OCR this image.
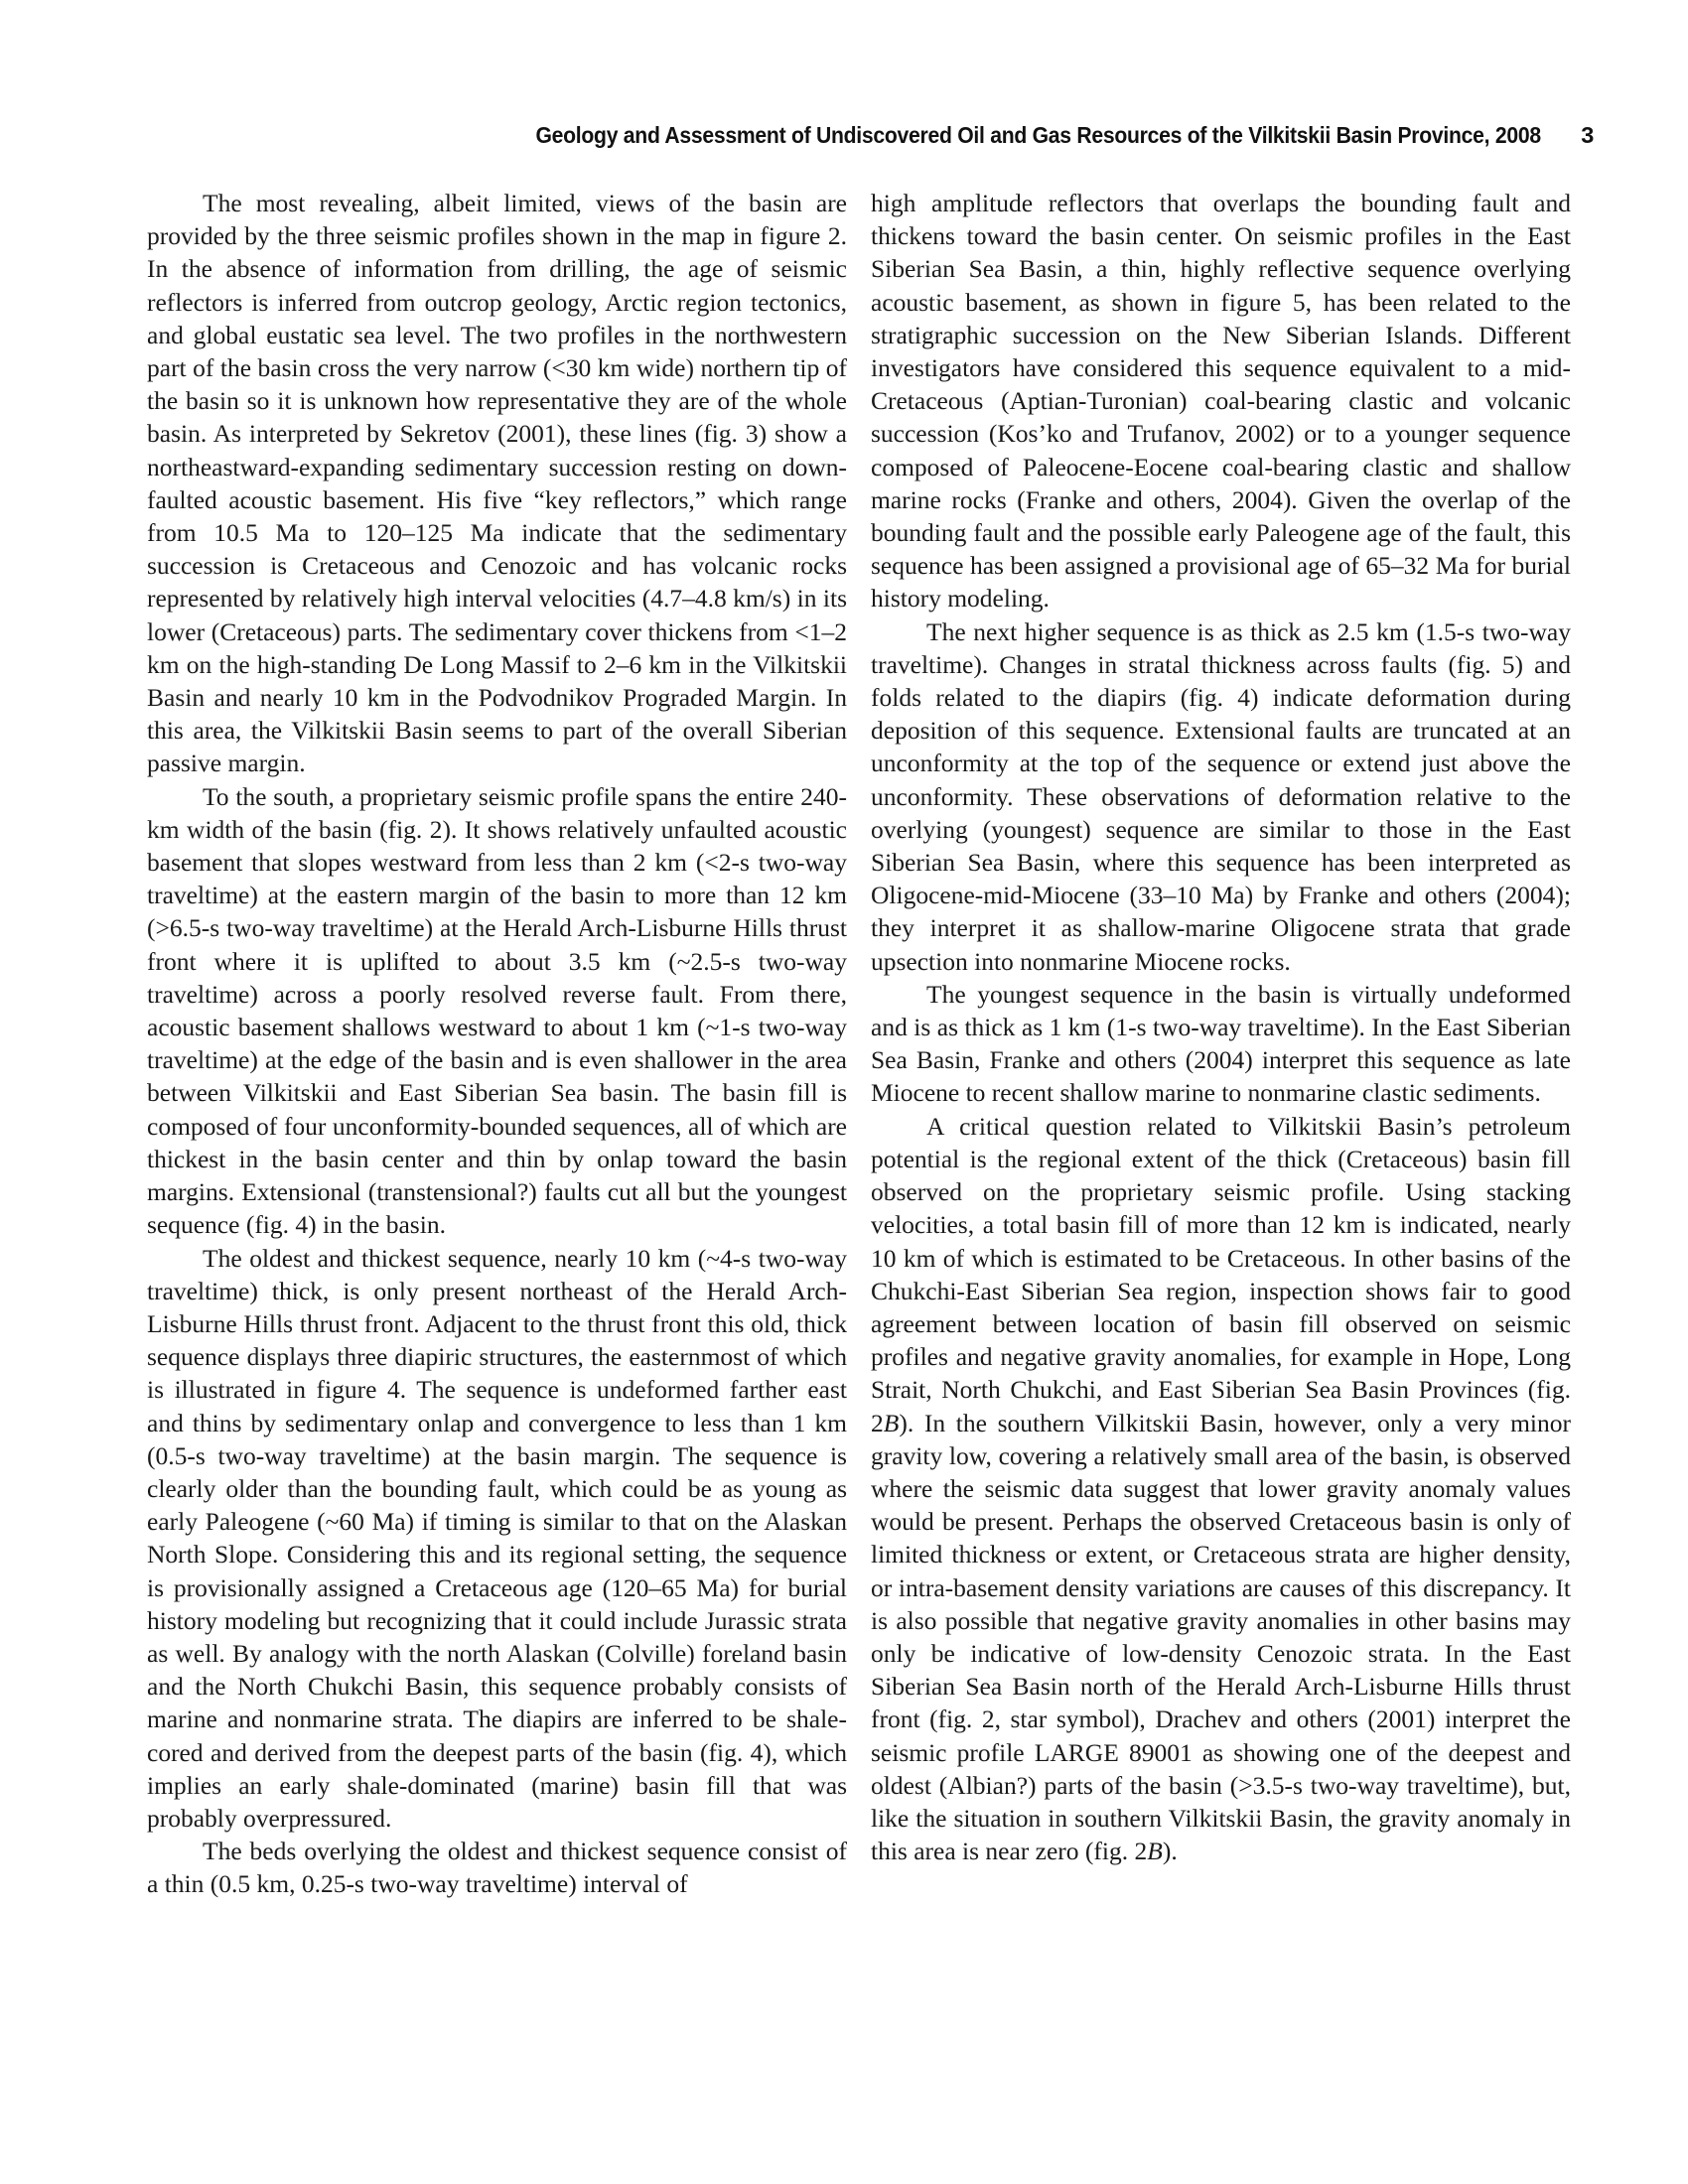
Geology and Assessment of Undiscovered Oil and Gas Resources of the Vilkitskii Basin Province, 2008 3

The most revealing, albeit limited, views of the basin are provided by the three seismic profiles shown in the map in figure 2. In the absence of information from drilling, the age of seismic reflectors is inferred from outcrop geology, Arctic region tectonics, and global eustatic sea level. The two profiles in the northwestern part of the basin cross the very narrow (<30 km wide) northern tip of the basin so it is unknown how representative they are of the whole basin. As interpreted by Sekretov (2001), these lines (fig. 3) show a northeastward-expanding sedimentary succession resting on down-faulted acoustic basement. His five “key reflectors,” which range from 10.5 Ma to 120–125 Ma indicate that the sedimentary succession is Cretaceous and Cenozoic and has volcanic rocks represented by relatively high interval velocities (4.7–4.8 km/s) in its lower (Cretaceous) parts. The sedimentary cover thickens from <1–2 km on the high-standing De Long Massif to 2–6 km in the Vilkitskii Basin and nearly 10 km in the Podvodnikov Prograded Margin. In this area, the Vilkitskii Basin seems to part of the overall Siberian passive margin.

To the south, a proprietary seismic profile spans the entire 240-km width of the basin (fig. 2). It shows relatively unfaulted acoustic basement that slopes westward from less than 2 km (<2-s two-way traveltime) at the eastern margin of the basin to more than 12 km (>6.5-s two-way traveltime) at the Herald Arch-Lisburne Hills thrust front where it is uplifted to about 3.5 km (~2.5-s two-way traveltime) across a poorly resolved reverse fault. From there, acoustic basement shallows westward to about 1 km (~1-s two-way traveltime) at the edge of the basin and is even shallower in the area between Vilkitskii and East Siberian Sea basin. The basin fill is composed of four unconformity-bounded sequences, all of which are thickest in the basin center and thin by onlap toward the basin margins. Extensional (transtensional?) faults cut all but the youngest sequence (fig. 4) in the basin.

The oldest and thickest sequence, nearly 10 km (~4-s two-way traveltime) thick, is only present northeast of the Herald Arch-Lisburne Hills thrust front. Adjacent to the thrust front this old, thick sequence displays three diapiric structures, the easternmost of which is illustrated in figure 4. The sequence is undeformed farther east and thins by sedimentary onlap and convergence to less than 1 km (0.5-s two-way traveltime) at the basin margin. The sequence is clearly older than the bounding fault, which could be as young as early Paleogene (~60 Ma) if timing is similar to that on the Alaskan North Slope. Considering this and its regional setting, the sequence is provisionally assigned a Cretaceous age (120–65 Ma) for burial history modeling but recognizing that it could include Jurassic strata as well. By analogy with the north Alaskan (Colville) foreland basin and the North Chukchi Basin, this sequence probably consists of marine and nonmarine strata. The diapirs are inferred to be shale-cored and derived from the deepest parts of the basin (fig. 4), which implies an early shale-dominated (marine) basin fill that was probably overpressured.

The beds overlying the oldest and thickest sequence consist of a thin (0.5 km, 0.25-s two-way traveltime) interval of

high amplitude reflectors that overlaps the bounding fault and thickens toward the basin center. On seismic profiles in the East Siberian Sea Basin, a thin, highly reflective sequence overlying acoustic basement, as shown in figure 5, has been related to the stratigraphic succession on the New Siberian Islands. Different investigators have considered this sequence equivalent to a mid-Cretaceous (Aptian-Turonian) coal-bearing clastic and volcanic succession (Kos’ko and Trufanov, 2002) or to a younger sequence composed of Paleocene-Eocene coal-bearing clastic and shallow marine rocks (Franke and others, 2004). Given the overlap of the bounding fault and the possible early Paleogene age of the fault, this sequence has been assigned a provisional age of 65–32 Ma for burial history modeling.

The next higher sequence is as thick as 2.5 km (1.5-s two-way traveltime). Changes in stratal thickness across faults (fig. 5) and folds related to the diapirs (fig. 4) indicate deformation during deposition of this sequence. Extensional faults are truncated at an unconformity at the top of the sequence or extend just above the unconformity. These observations of deformation relative to the overlying (youngest) sequence are similar to those in the East Siberian Sea Basin, where this sequence has been interpreted as Oligocene-mid-Miocene (33–10 Ma) by Franke and others (2004); they interpret it as shallow-marine Oligocene strata that grade upsection into nonmarine Miocene rocks.

The youngest sequence in the basin is virtually undeformed and is as thick as 1 km (1-s two-way traveltime). In the East Siberian Sea Basin, Franke and others (2004) interpret this sequence as late Miocene to recent shallow marine to nonmarine clastic sediments.

A critical question related to Vilkitskii Basin’s petroleum potential is the regional extent of the thick (Cretaceous) basin fill observed on the proprietary seismic profile. Using stacking velocities, a total basin fill of more than 12 km is indicated, nearly 10 km of which is estimated to be Cretaceous. In other basins of the Chukchi-East Siberian Sea region, inspection shows fair to good agreement between location of basin fill observed on seismic profiles and negative gravity anomalies, for example in Hope, Long Strait, North Chukchi, and East Siberian Sea Basin Provinces (fig. 2B). In the southern Vilkitskii Basin, however, only a very minor gravity low, covering a relatively small area of the basin, is observed where the seismic data suggest that lower gravity anomaly values would be present. Perhaps the observed Cretaceous basin is only of limited thickness or extent, or Cretaceous strata are higher density, or intra-basement density variations are causes of this discrepancy. It is also possible that negative gravity anomalies in other basins may only be indicative of low-density Cenozoic strata. In the East Siberian Sea Basin north of the Herald Arch-Lisburne Hills thrust front (fig. 2, star symbol), Drachev and others (2001) interpret the seismic profile LARGE 89001 as showing one of the deepest and oldest (Albian?) parts of the basin (>3.5-s two-way traveltime), but, like the situation in southern Vilkitskii Basin, the gravity anomaly in this area is near zero (fig. 2B).
